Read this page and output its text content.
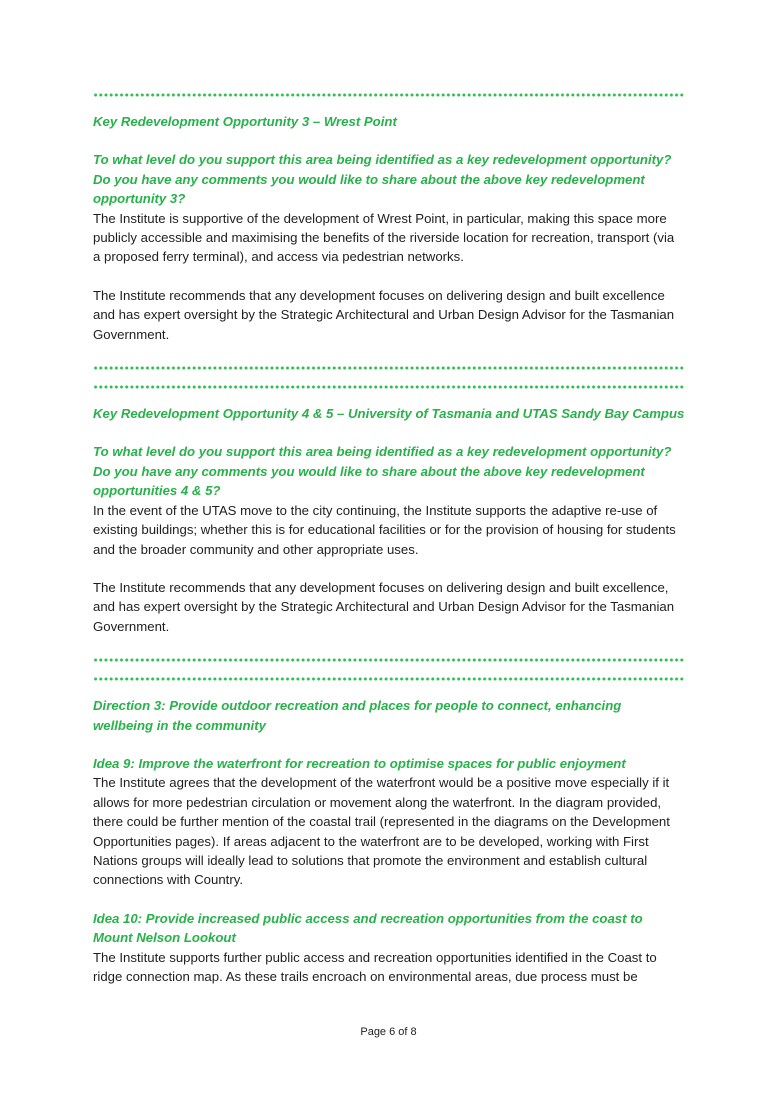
Key Redevelopment Opportunity 3 – Wrest Point

To what level do you support this area being identified as a key redevelopment opportunity? Do you have any comments you would like to share about the above key redevelopment opportunity 3?

The Institute is supportive of the development of Wrest Point, in particular, making this space more publicly accessible and maximising the benefits of the riverside location for recreation, transport (via a proposed ferry terminal), and access via pedestrian networks.

The Institute recommends that any development focuses on delivering design and built excellence and has expert oversight by the Strategic Architectural and Urban Design Advisor for the Tasmanian Government.

Key Redevelopment Opportunity 4 & 5 – University of Tasmania and UTAS Sandy Bay Campus

To what level do you support this area being identified as a key redevelopment opportunity? Do you have any comments you would like to share about the above key redevelopment opportunities 4 & 5?

In the event of the UTAS move to the city continuing, the Institute supports the adaptive re-use of existing buildings; whether this is for educational facilities or for the provision of housing for students and the broader community and other appropriate uses.

The Institute recommends that any development focuses on delivering design and built excellence, and has expert oversight by the Strategic Architectural and Urban Design Advisor for the Tasmanian Government.

Direction 3: Provide outdoor recreation and places for people to connect, enhancing wellbeing in the community

Idea 9: Improve the waterfront for recreation to optimise spaces for public enjoyment

The Institute agrees that the development of the waterfront would be a positive move especially if it allows for more pedestrian circulation or movement along the waterfront. In the diagram provided, there could be further mention of the coastal trail (represented in the diagrams on the Development Opportunities pages). If areas adjacent to the waterfront are to be developed, working with First Nations groups will ideally lead to solutions that promote the environment and establish cultural connections with Country.

Idea 10: Provide increased public access and recreation opportunities from the coast to Mount Nelson Lookout

The Institute supports further public access and recreation opportunities identified in the Coast to ridge connection map. As these trails encroach on environmental areas, due process must be

Page 6 of 8
